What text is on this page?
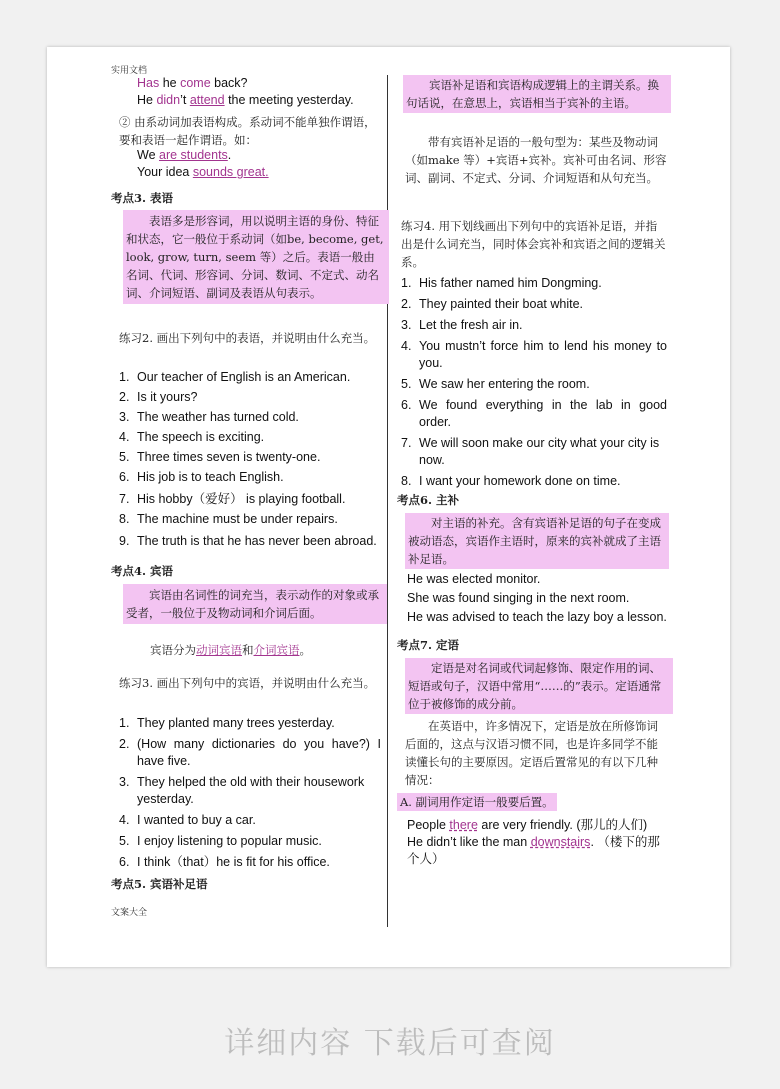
实用文档
Has he come back?
He didn’t attend the meeting yesterday.
② 由系动词加表语构成。系动词不能单独作谓语，要和表语一起作谓语。如：
We are students.
Your idea sounds great.
考点3. 表语
表语多是形容词，用以说明主语的身份、特征和状态，它一般位于系动词（如be, become, get, look, grow, turn, seem 等）之后。表语一般由名词、代词、形容词、分词、数词、不定式、动名词、介词短语、副词及表语从句表示。
练习2. 画出下列句中的表语，并说明由什么充当。
1. Our teacher of English is an American.
2. Is it yours?
3. The weather has turned cold.
4. The speech is exciting.
5. Three times seven is twenty-one.
6. His job is to teach English.
7. His hobby（爱好） is playing football.
8. The machine must be under repairs.
9. The truth is that he has never been abroad.
考点4. 宾语
宾语由名词性的词充当，表示动作的对象或承受者，一般位于及物动词和介词后面。
宾语分为动词宾语和介词宾语。
练习3. 画出下列句中的宾语，并说明由什么充当。
1. They planted many trees yesterday.
2. (How many dictionaries do you have?) I have five.
3. They helped the old with their housework yesterday.
4. I wanted to buy a car.
5. I enjoy listening to popular music.
6. I think（that）he is fit for his office.
考点5. 宾语补足语
宾语补足语和宾语构成逻辑上的主谓关系。换句话说，在意思上，宾语相当于宾补的主语。
带有宾语补足语的一般句型为：某些及物动词（如make 等）+宾语+宾补。宾补可由名词、形容词、副词、不定式、分词、介词短语和从句充当。
练习4. 用下划线画出下列句中的宾语补足语，并指出是什么词充当，同时体会宾补和宾语之间的逻辑关系。
1. His father named him Dongming.
2. They painted their boat white.
3. Let the fresh air in.
4. You mustn’t force him to lend his money to you.
5. We saw her entering the room.
6. We found everything in the lab in good order.
7. We will soon make our city what your city is now.
8. I want your homework done on time.
考点6. 主补
对主语的补充。含有宾语补足语的句子在变成被动语态，宾语作主语时，原来的宾补就成了主语补足语。
He was elected monitor.
She was found singing in the next room.
He was advised to teach the lazy boy a lesson.
考点7. 定语
定语是对名词或代词起修饰、限定作用的词、短语或句子，汉语中常用“……的”表示。定语通常位于被修饰的成分前。
在英语中，许多情况下，定语是放在所修饰词后面的，这点与汉语习惯不同，也是许多同学不能读懂长句的主要原因。定语后置常见的有以下几种情况：
A. 副词用作定语一般要后置。
People there are very friendly. (那儿的人们)
He didn’t like the man downstairs. （楼下的那个人）
文案大全
详细内容 下载后可查阅
